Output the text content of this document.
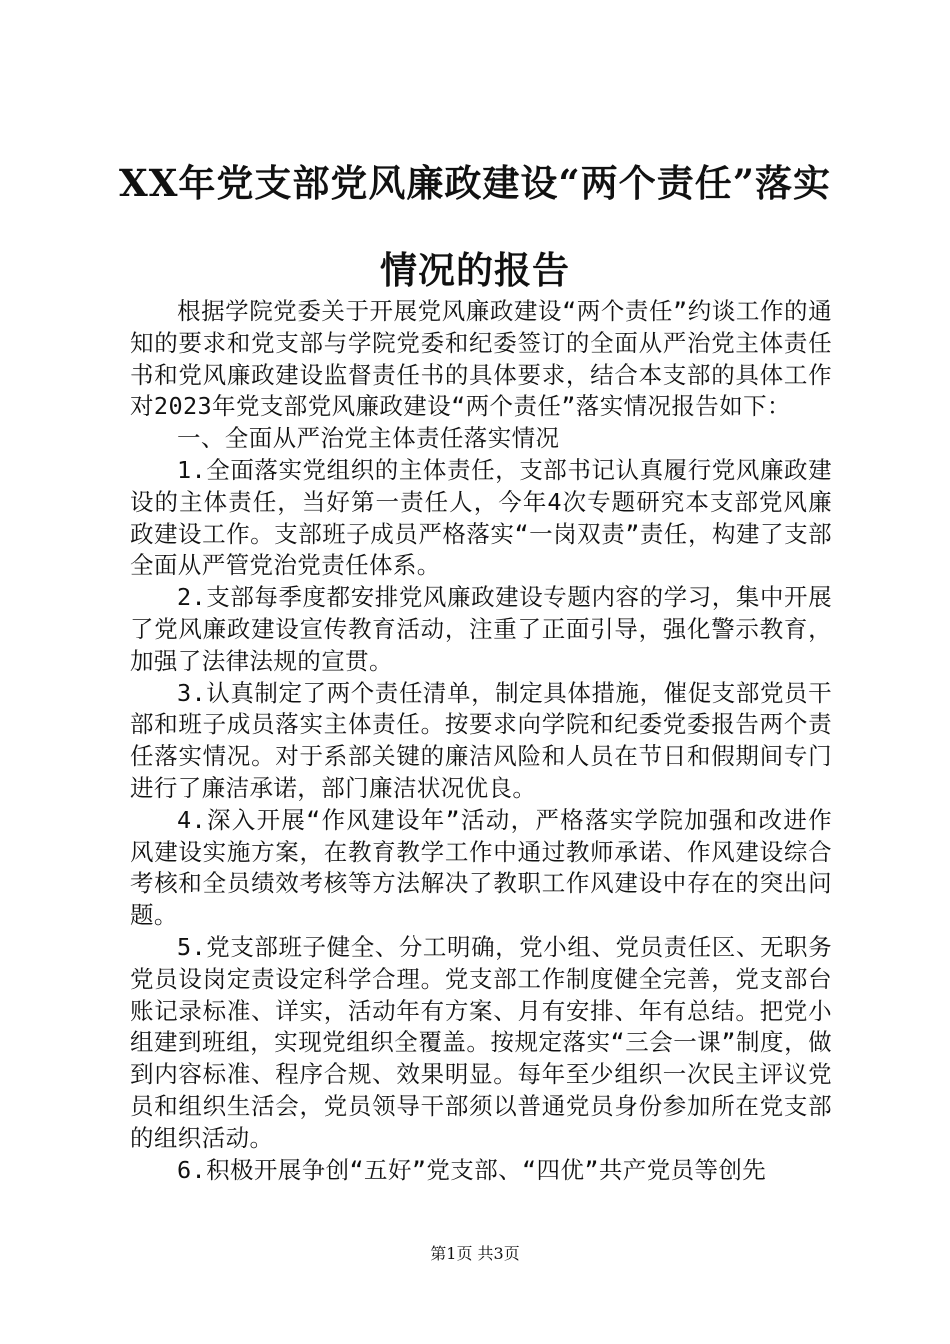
XX年党支部党风廉政建设“两个责任”落实
情况的报告

根据学院党委关于开展党风廉政建设“两个责任”约谈工作的通知的要求和党支部与学院党委和纪委签订的全面从严治党主体责任书和党风廉政建设监督责任书的具体要求，结合本支部的具体工作对2023年党支部党风廉政建设“两个责任”落实情况报告如下：

一、全面从严治党主体责任落实情况

1.全面落实党组织的主体责任，支部书记认真履行党风廉政建设的主体责任，当好第一责任人，今年4次专题研究本支部党风廉政建设工作。支部班子成员严格落实“一岗双责”责任，构建了支部全面从严管党治党责任体系。

2.支部每季度都安排党风廉政建设专题内容的学习，集中开展了党风廉政建设宣传教育活动，注重了正面引导，强化警示教育，加强了法律法规的宣贯。

3.认真制定了两个责任清单，制定具体措施，催促支部党员干部和班子成员落实主体责任。按要求向学院和纪委党委报告两个责任落实情况。对于系部关键的廉洁风险和人员在节日和假期间专门进行了廉洁承诺，部门廉洁状况优良。

4.深入开展“作风建设年”活动，严格落实学院加强和改进作风建设实施方案，在教育教学工作中通过教师承诺、作风建设综合考核和全员绩效考核等方法解决了教职工作风建设中存在的突出问题。

5.党支部班子健全、分工明确，党小组、党员责任区、无职务党员设岗定责设定科学合理。党支部工作制度健全完善，党支部台账记录标准、详实，活动年有方案、月有安排、年有总结。把党小组建到班组，实现党组织全覆盖。按规定落实“三会一课”制度，做到内容标准、程序合规、效果明显。每年至少组织一次民主评议党员和组织生活会，党员领导干部须以普通党员身份参加所在党支部的组织活动。

6.积极开展争创“五好”党支部、“四优”共产党员等创先

第1页 共3页
